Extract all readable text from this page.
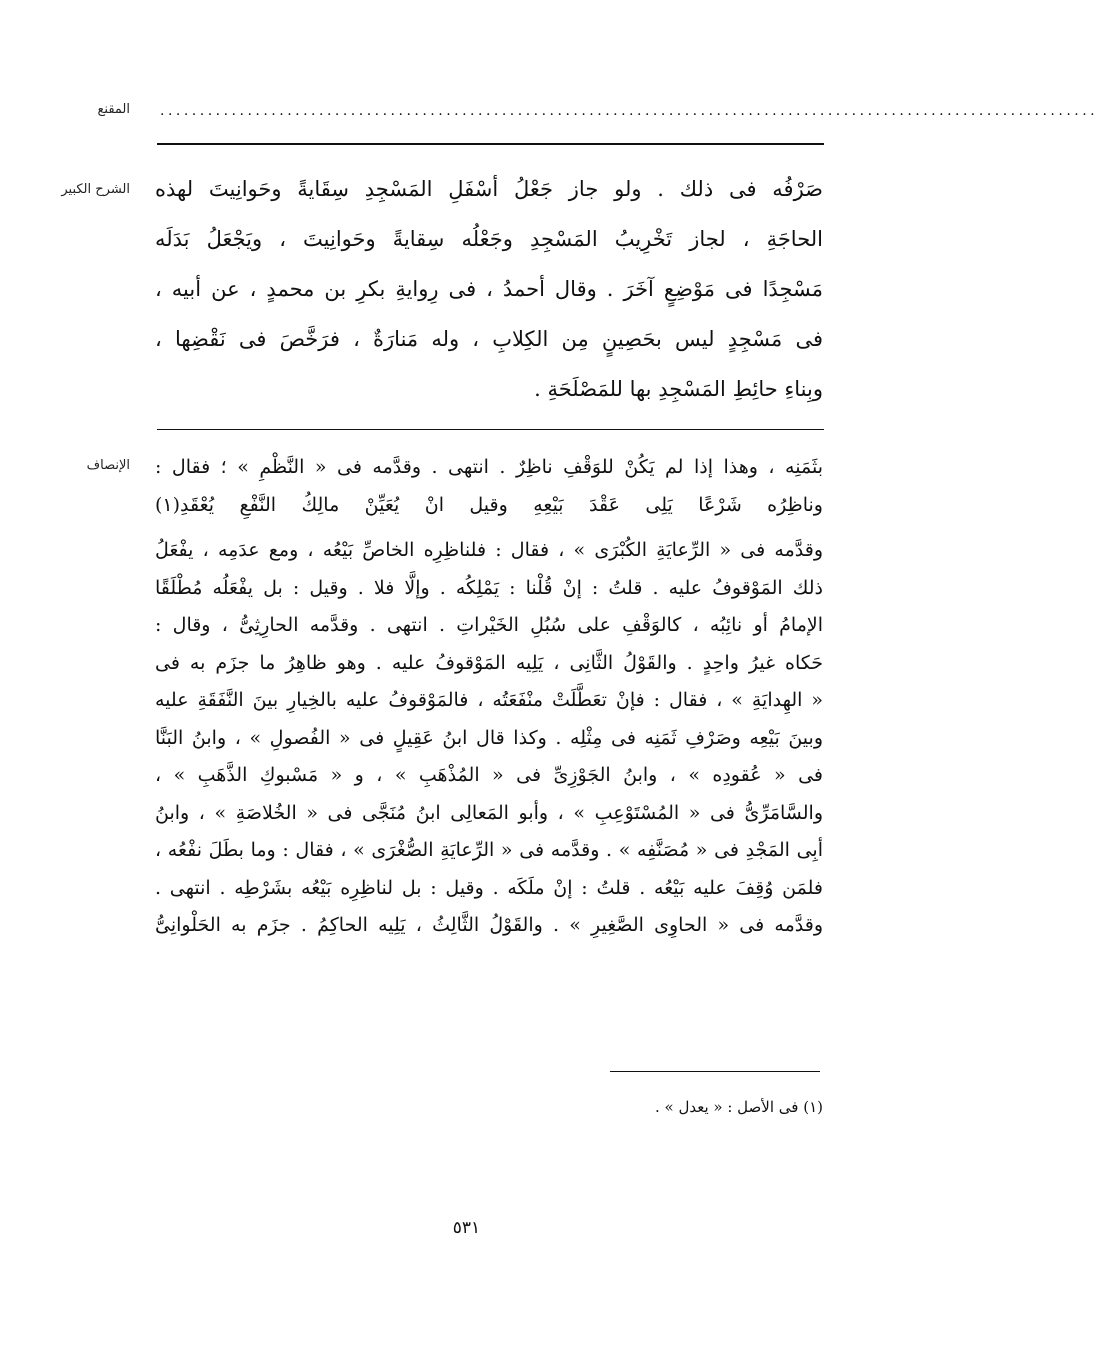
المقنع ......................................................................................................................
الشرح الكبير صَرْفُه فى ذلك . ولو جاز جَعْلُ أسْفَلِ المَسْجِدِ سِقَايةً وحَوانِيتَ لهذه
الحاجَةِ ، لجاز تَخْرِيبُ المَسْجِدِ وجَعْلُه سِقايةً وحَوانِيتَ ، ويَجْعَلُ بَدَلَه
مَسْجِدًا فى مَوْضِعٍ آخَرَ . وقال أحمدُ ، فى رِوايةِ بكرِ بن محمدٍ ، عن أبيه ،
فى مَسْجِدٍ ليس بحَصِينٍ مِن الكِلابِ ، وله مَنارَةٌ ، فرَخَّصَ فى نَقْضِها ،
وبِناءِ حائِطِ المَسْجِدِ بها للمَصْلَحَةِ .
الإنصاف بثَمَنِه ، وهذا إذا لم يَكُنْ للوَقْفِ ناظِرٌ . انتهى . وقدَّمه فى « النَّظْمِ » ؛ فقال :
وناظِرُه شَرْعًا يَلِى عَقْدَ بَيْعِهِ وقيل انْ يُعَيِّنْ مالِكُ النَّفْعِ يُعْقَدِ(١)
وقدَّمه فى « الرِّعايَةِ الكُبْرَى » ، فقال : فلناظِرِه الخاصِّ بَيْعُه ، ومع عدَمِه ، يفْعَلُ
ذلك المَوْقوفُ عليه . قلتُ : إنْ قُلْنا : يَمْلِكُه . وإلَّا فلا . وقيل : بل يفْعَلُه مُطْلَقًا
الإمامُ أو نائِبُه ، كالوَقْفِ على سُبُلِ الخَيْراتِ . انتهى . وقدَّمه الحارِثِىُّ ، وقال :
حَكاه غيرُ واحِدٍ . والقَوْلُ الثَّانِى ، يَلِيه المَوْقوفُ عليه . وهو ظاهِرُ ما جزَم به فى
« الهِدايَةِ » ، فقال : فإنْ تعَطَّلَتْ منْفَعَتُه ، فالمَوْقوفُ عليه بالخِيارِ بينَ النَّفَقَةِ عليه
وبينَ بَيْعِه وصَرْفِ ثَمَنِه فى مِثْلِه . وكذا قال ابنُ عَقِيلٍ فى « الفُصولِ » ، وابنُ البَنَّا
فى « عُقودِه » ، وابنُ الجَوْزِىِّ فى « المُذْهَبِ » ، و « مَسْبوكِ الذَّهَبِ » ،
والسَّامَرِّىُّ فى « المُسْتَوْعِبِ » ، وأبو المَعالِى ابنُ مُنَجَّى فى « الخُلاصَةِ » ، وابنُ
أبِى المَجْدِ فى « مُصَنَّفِه » . وقدَّمه فى « الرِّعايَةِ الصُّغْرَى » ، فقال : وما بطَلَ نفْعُه ،
فلمَن وُقِفَ عليه بَيْعُه . قلتُ : إنْ ملَكَه . وقيل : بل لناظِرِه بَيْعُه بشَرْطِه . انتهى .
وقدَّمه فى « الحاوِى الصَّغِيرِ » . والقَوْلُ الثَّالِثُ ، يَلِيه الحاكِمُ . جزَم به الحَلْوانِىُّ
(١) فى الأصل : « يعدل » .
٥٣١
